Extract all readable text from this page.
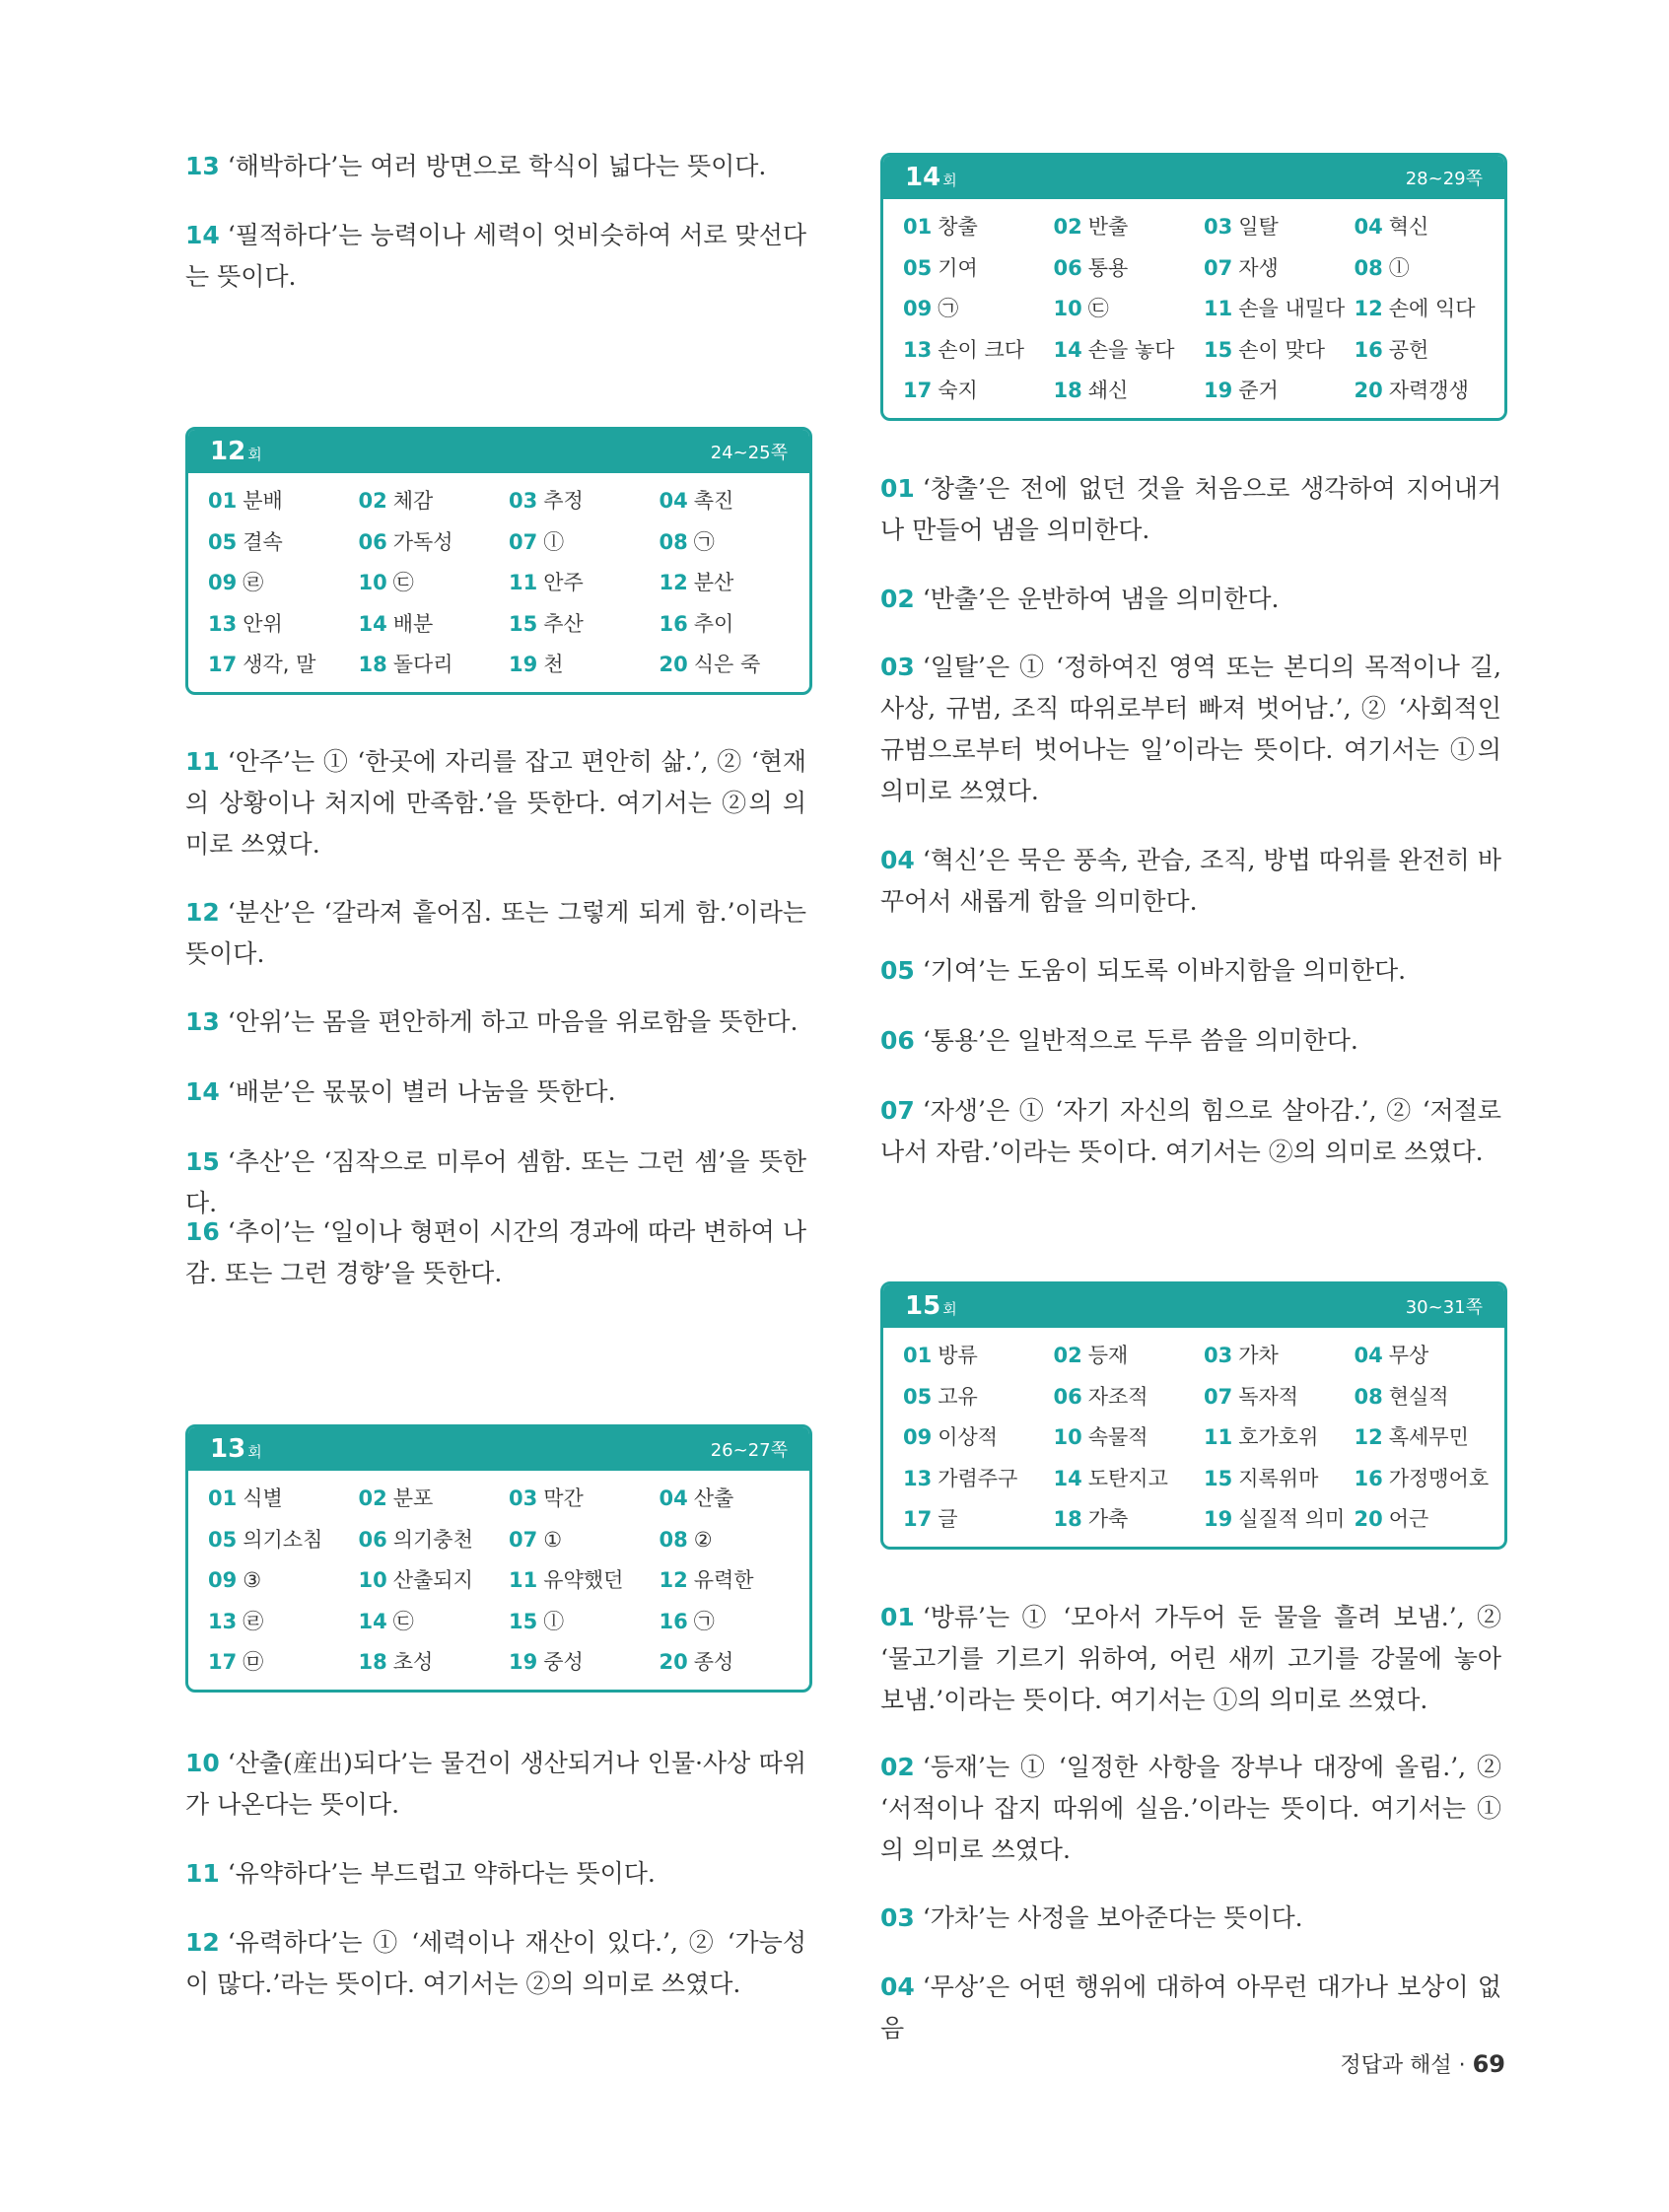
13 ‘해박하다’는 여러 방면으로 학식이 넓다는 뜻이다.
14 ‘필적하다’는 능력이나 세력이 엇비슷하여 서로 맞선다는 뜻이다.
12 회	24~25쪽
01 분배	02 체감	03 추정	04 촉진
05 결속	06 가독성	07 ⓛ	08 ㉠
09 ㉣	10 ㉢	11 안주	12 분산
13 안위	14 배분	15 추산	16 추이
17 생각, 말	18 돌다리	19 천	20 식은 죽
11 ‘안주’는 ① ‘한곳에 자리를 잡고 편안히 삶.’, ② ‘현재의 상황이나 처지에 만족함.’을 뜻한다. 여기서는 ②의 의미로 쓰였다.
12 ‘분산’은 ‘갈라져 흩어짐. 또는 그렇게 되게 함.’이라는 뜻이다.
13 ‘안위’는 몸을 편안하게 하고 마음을 위로함을 뜻한다.
14 ‘배분’은 몫몫이 별러 나눔을 뜻한다.
15 ‘추산’은 ‘짐작으로 미루어 셈함. 또는 그런 셈’을 뜻한다.
16 ‘추이’는 ‘일이나 형편이 시간의 경과에 따라 변하여 나감. 또는 그런 경향’을 뜻한다.
13 회	26~27쪽
01 식별	02 분포	03 막간	04 산출
05 의기소침	06 의기충천	07 ①	08 ②
09 ③	10 산출되지	11 유약했던	12 유력한
13 ㉣	14 ㉢	15 ⓛ	16 ㉠
17 ㉤	18 초성	19 중성	20 종성
10 ‘산출(産出)되다’는 물건이 생산되거나 인물·사상 따위가 나온다는 뜻이다.
11 ‘유약하다’는 부드럽고 약하다는 뜻이다.
12 ‘유력하다’는 ① ‘세력이나 재산이 있다.’, ② ‘가능성이 많다.’라는 뜻이다. 여기서는 ②의 의미로 쓰였다.
14 회	28~29쪽
01 창출	02 반출	03 일탈	04 혁신
05 기여	06 통용	07 자생	08 ⓛ
09 ㉠	10 ㉢	11 손을 내밀다 12 손에 익다
13 손이 크다	14 손을 놓다	15 손이 맞다	16 공헌
17 숙지	18 쇄신	19 준거	20 자력갱생
01 ‘창출’은 전에 없던 것을 처음으로 생각하여 지어내거나 만들어 냄을 의미한다.
02 ‘반출’은 운반하여 냄을 의미한다.
03 ‘일탈’은 ① ‘정하여진 영역 또는 본디의 목적이나 길, 사상, 규범, 조직 따위로부터 빠져 벗어남.’, ② ‘사회적인 규범으로부터 벗어나는 일’이라는 뜻이다. 여기서는 ①의 의미로 쓰였다.
04 ‘혁신’은 묵은 풍속, 관습, 조직, 방법 따위를 완전히 바꾸어서 새롭게 함을 의미한다.
05 ‘기여’는 도움이 되도록 이바지함을 의미한다.
06 ‘통용’은 일반적으로 두루 씀을 의미한다.
07 ‘자생’은 ① ‘자기 자신의 힘으로 살아감.’, ② ‘저절로 나서 자람.’이라는 뜻이다. 여기서는 ②의 의미로 쓰였다.
15 회	30~31쪽
01 방류	02 등재	03 가차	04 무상
05 고유	06 자조적	07 독자적	08 현실적
09 이상적	10 속물적	11 호가호위	12 혹세무민
13 가렴주구	14 도탄지고	15 지록위마	16 가정맹어호
17 글	18 가축	19 실질적 의미 20 어근
01 ‘방류’는 ① ‘모아서 가두어 둔 물을 흘려 보냄.’, ② ‘물고기를 기르기 위하여, 어린 새끼 고기를 강물에 놓아 보냄.’이라는 뜻이다. 여기서는 ①의 의미로 쓰였다.
02 ‘등재’는 ① ‘일정한 사항을 장부나 대장에 올림.’, ② ‘서적이나 잡지 따위에 실음.’이라는 뜻이다. 여기서는 ①의 의미로 쓰였다.
03 ‘가차’는 사정을 보아준다는 뜻이다.
04 ‘무상’은 어떤 행위에 대하여 아무런 대가나 보상이 없음
정답과 해설 · 69
